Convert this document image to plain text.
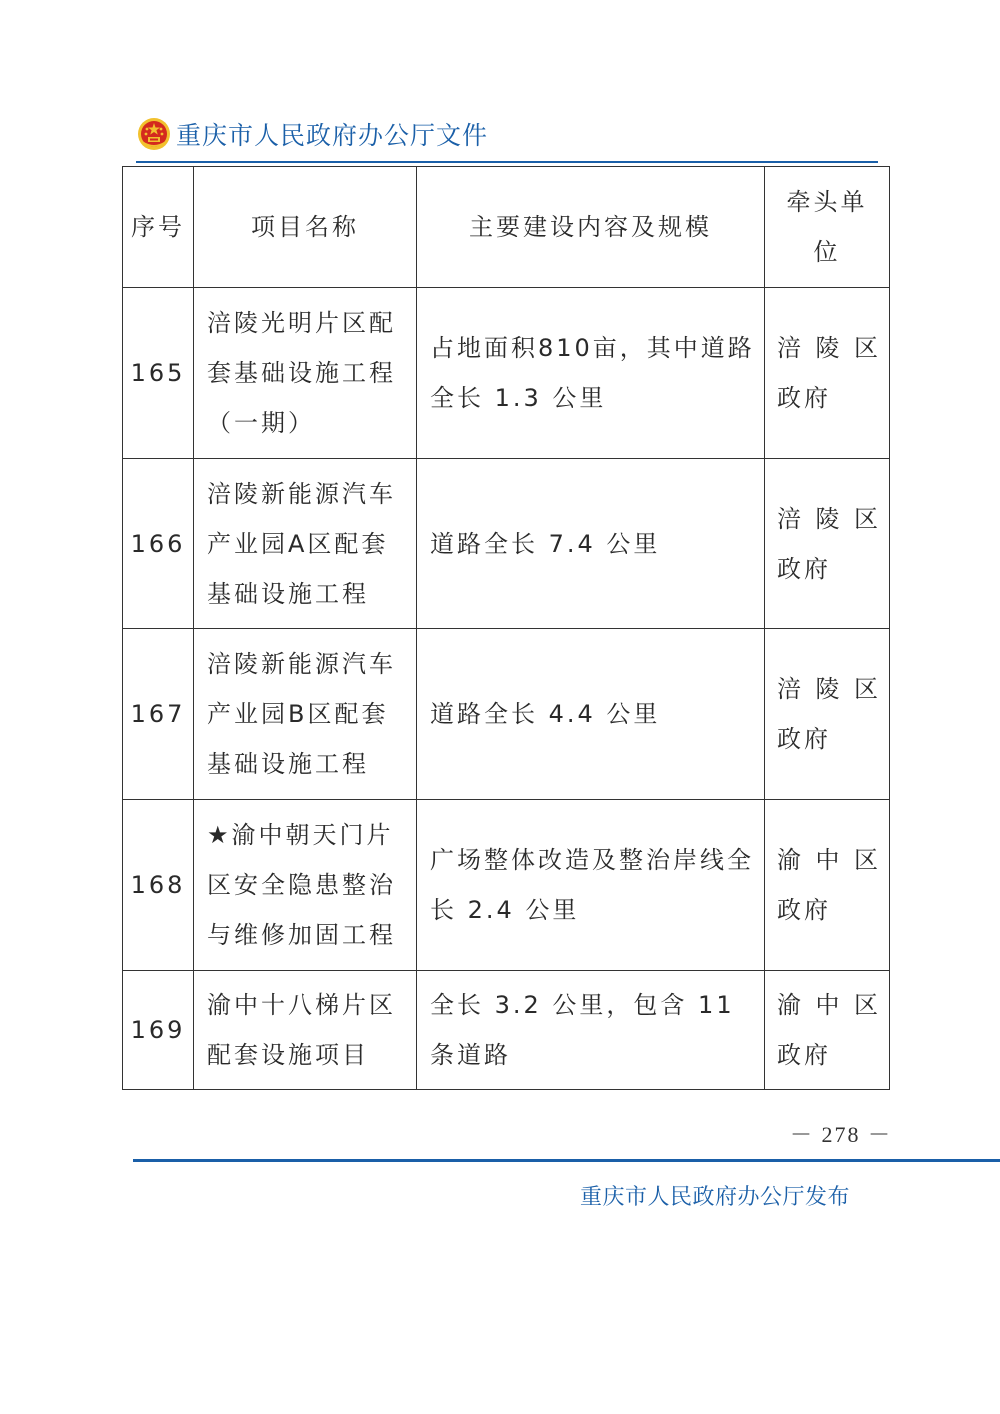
重庆市人民政府办公厅文件
序号	项目名称	主要建设内容及规模	牵头单位
165	涪陵光明片区配套基础设施工程（一期）	占地面积810亩，其中道路全长 1.3 公里	涪 陵 区政府
166	涪陵新能源汽车产业园A区配套基础设施工程	道路全长 7.4 公里	涪 陵 区政府
167	涪陵新能源汽车产业园B区配套基础设施工程	道路全长 4.4 公里	涪 陵 区政府
168	★渝中朝天门片区安全隐患整治与维修加固工程	广场整体改造及整治岸线全长 2.4 公里	渝 中 区政府
169	渝中十八梯片区配套设施项目	全长 3.2 公里，包含 11 条道路	渝 中 区政府
－ 278 －
重庆市人民政府办公厅发布
